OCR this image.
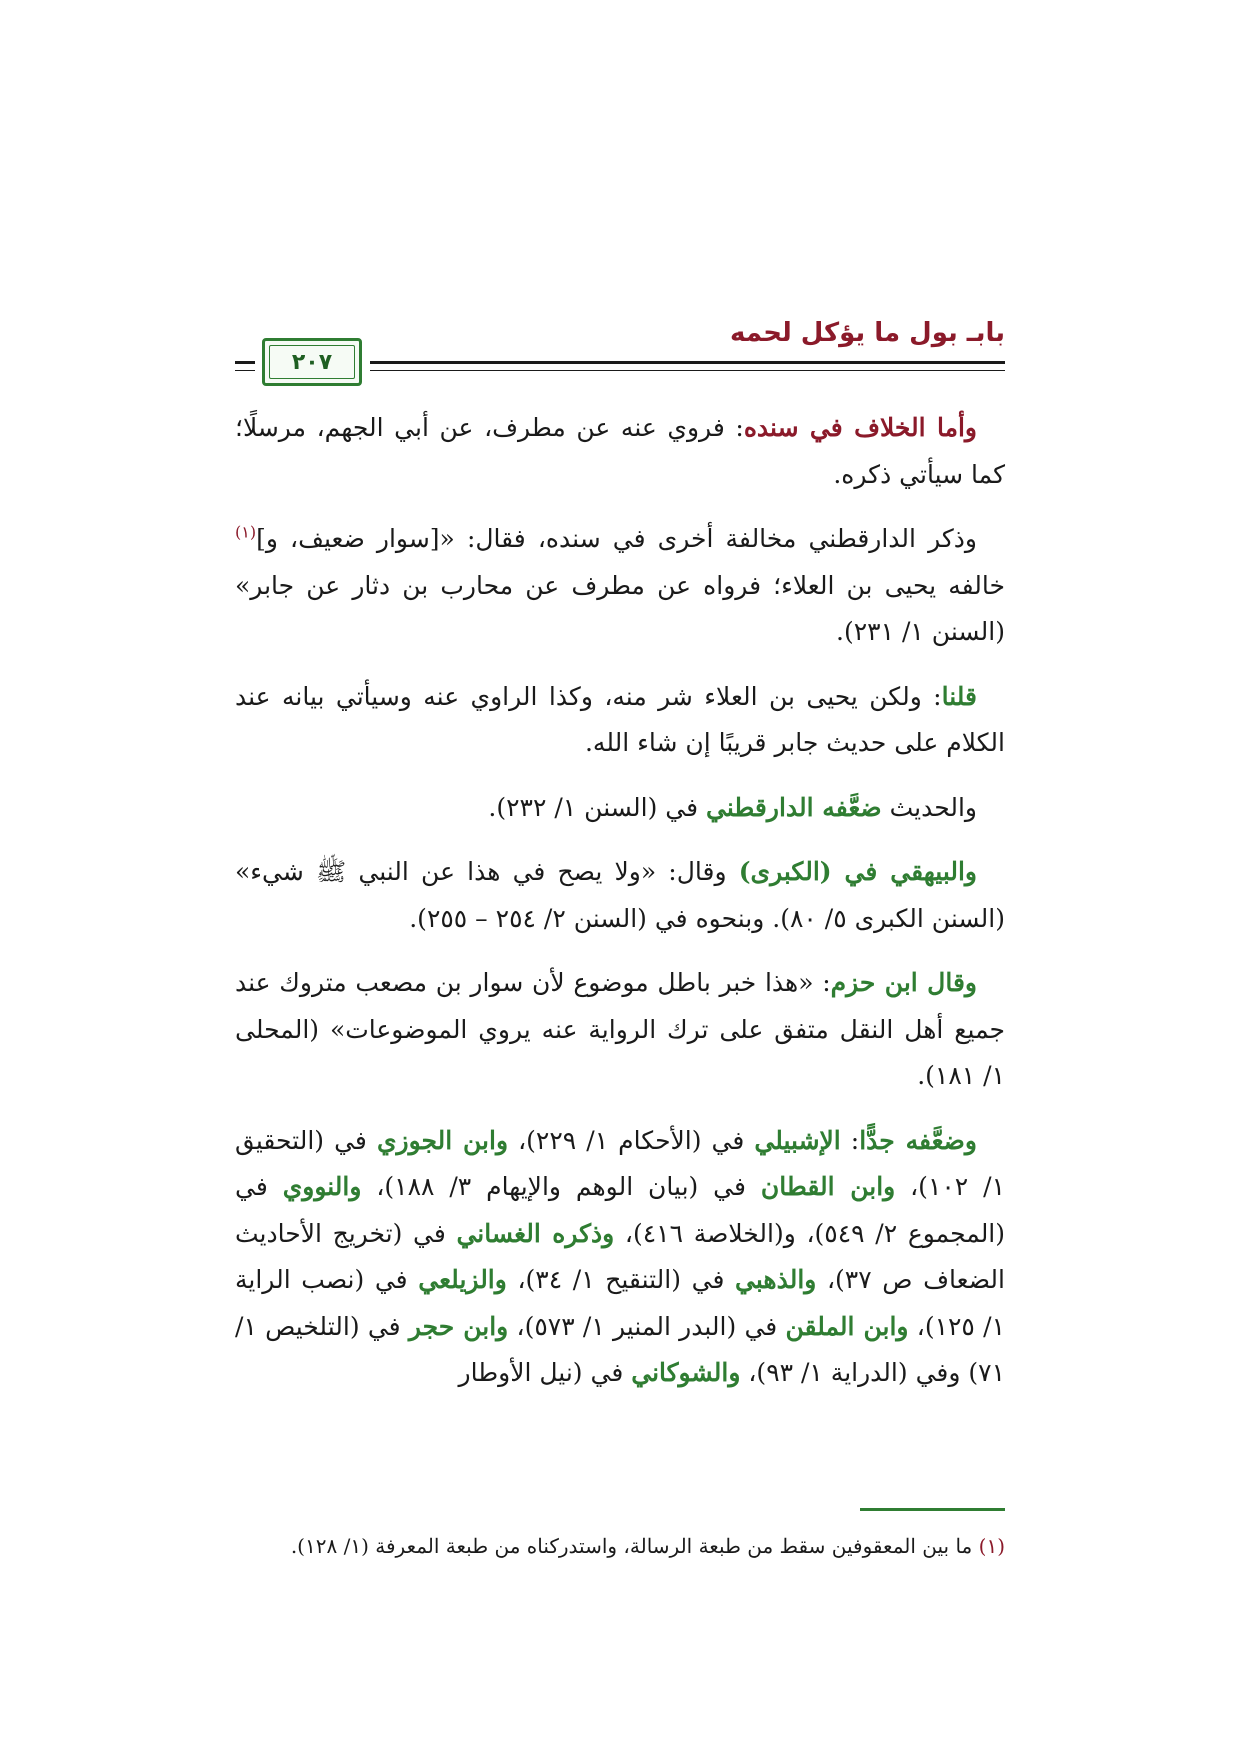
بابـ بول ما يؤكل لحمه
٢٠٧

وأما الخلاف في سنده: فروي عنه عن مطرف، عن أبي الجهم، مرسلًا؛ كما سيأتي ذكره.

وذكر الدارقطني مخالفة أخرى في سنده، فقال: «[سوار ضعيف، و]$^{(١)}$ خالفه يحيى بن العلاء؛ فرواه عن مطرف عن محارب بن دثار عن جابر» (السنن ١/ ٢٣١).

قلنا: ولكن يحيى بن العلاء شر منه، وكذا الراوي عنه وسيأتي بيانه عند الكلام على حديث جابر قريبًا إن شاء الله.

والحديث ضعَّفه الدارقطني في (السنن ١/ ٢٣٢).

والبيهقي في (الكبرى) وقال: «ولا يصح في هذا عن النبي ﷺ شيء» (السنن الكبرى ٥/ ٨٠). وبنحوه في (السنن ٢/ ٢٥٤ – ٢٥٥).

وقال ابن حزم: «هذا خبر باطل موضوع لأن سوار بن مصعب متروك عند جميع أهل النقل متفق على ترك الرواية عنه يروي الموضوعات» (المحلى ١/ ١٨١).

وضعَّفه جدًّا: الإشبيلي في (الأحكام ١/ ٢٢٩)، وابن الجوزي في (التحقيق ١/ ١٠٢)، وابن القطان في (بيان الوهم والإيهام ٣/ ١٨٨)، والنووي في (المجموع ٢/ ٥٤٩)، و(الخلاصة ٤١٦)، وذكره الغساني في (تخريج الأحاديث الضعاف ص ٣٧)، والذهبي في (التنقيح ١/ ٣٤)، والزيلعي في (نصب الراية ١/ ١٢٥)، وابن الملقن في (البدر المنير ١/ ٥٧٣)، وابن حجر في (التلخيص ١/ ٧١) وفي (الدراية ١/ ٩٣)، والشوكاني في (نيل الأوطار

(١) ما بين المعقوفين سقط من طبعة الرسالة، واستدركناه من طبعة المعرفة (١/ ١٢٨).
